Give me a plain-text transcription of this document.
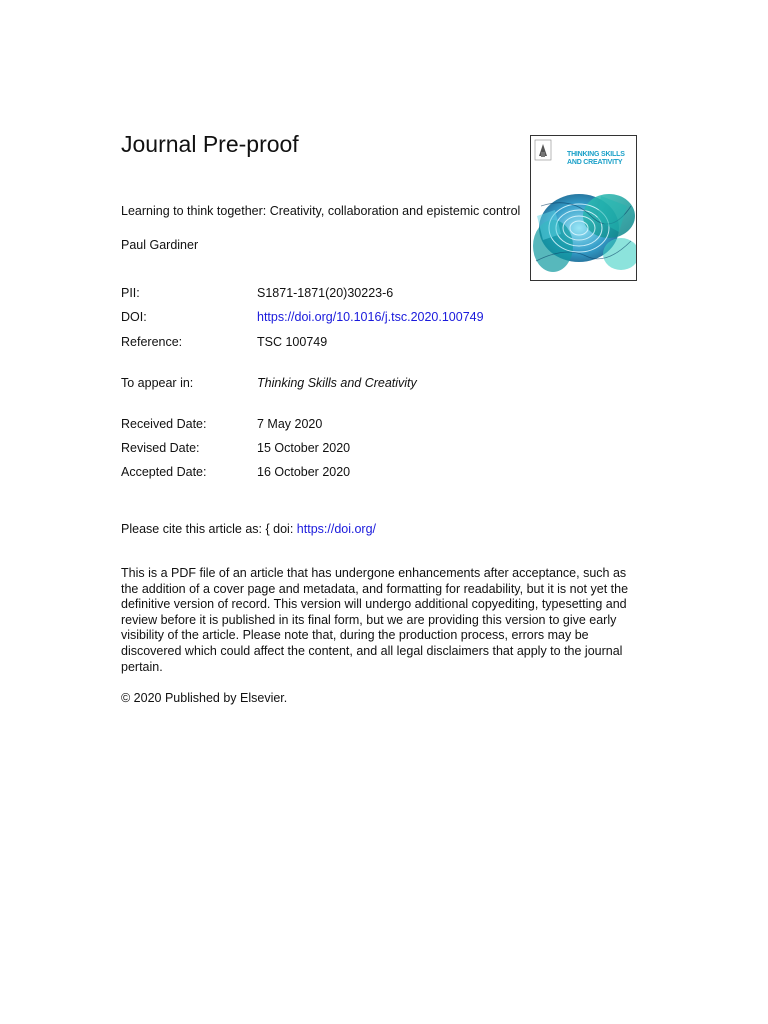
Journal Pre-proof	THINKING SKILLS AND CREATIVITY

Learning to think together: Creativity, collaboration and epistemic control

Paul Gardiner
PII:	S1871-1871(20)30223-6
DOI:	https://doi.org/10.1016/j.tsc.2020.100749
Reference:	TSC 100749
To appear in:	Thinking Skills and Creativity
Received Date:	7 May 2020
Revised Date:	15 October 2020
Accepted Date:	16 October 2020
Please cite this article as: { doi: https://doi.org/

This is a PDF file of an article that has undergone enhancements after acceptance, such as the addition of a cover page and metadata, and formatting for readability, but it is not yet the definitive version of record. This version will undergo additional copyediting, typesetting and review before it is published in its final form, but we are providing this version to give early visibility of the article. Please note that, during the production process, errors may be discovered which could affect the content, and all legal disclaimers that apply to the journal pertain.

© 2020 Published by Elsevier.
